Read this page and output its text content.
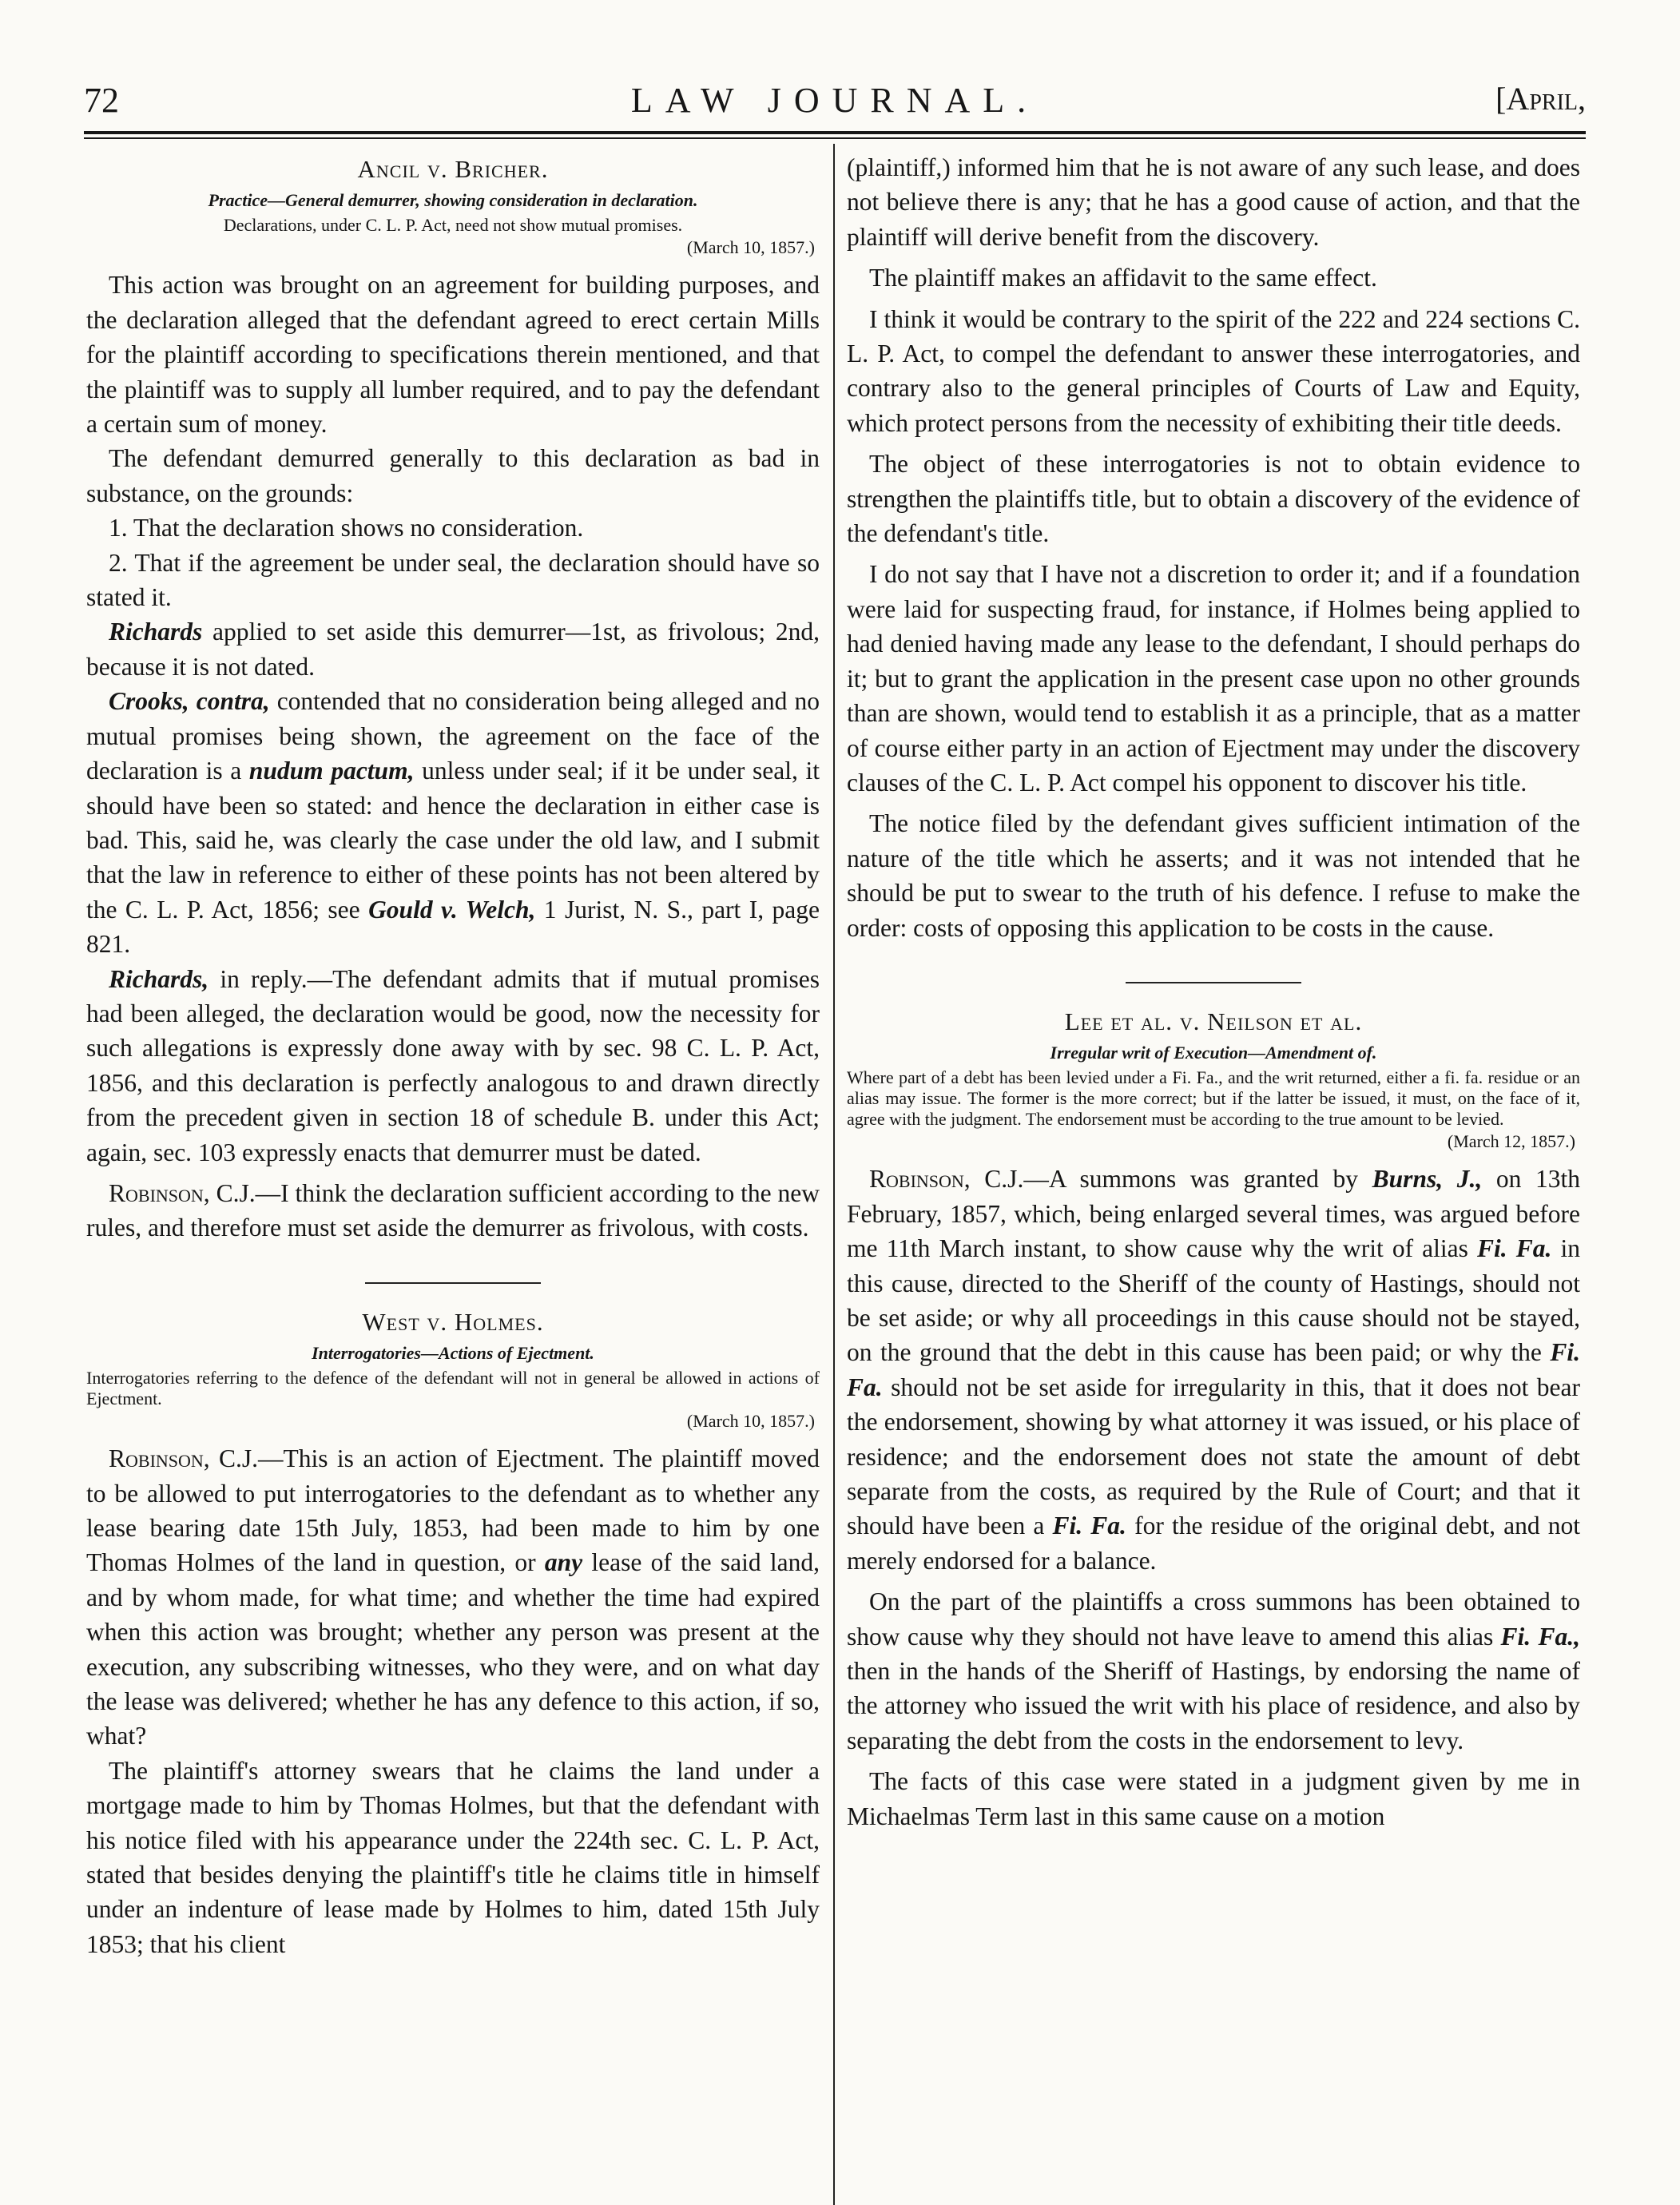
72	LAW JOURNAL.	[April,
Ancil v. Bricher.
Practice—General demurrer, showing consideration in declaration.
Declarations, under C. L. P. Act, need not show mutual promises.
(March 10, 1857.)

This action was brought on an agreement for building purposes, and the declaration alleged that the defendant agreed to erect certain Mills for the plaintiff according to specifications therein mentioned, and that the plaintiff was to supply all lumber required, and to pay the defendant a certain sum of money.

The defendant demurred generally to this declaration as bad in substance, on the grounds:

1. That the declaration shows no consideration.

2. That if the agreement be under seal, the declaration should have so stated it.

Richards applied to set aside this demurrer—1st, as frivolous; 2nd, because it is not dated.

Crooks, contra, contended that no consideration being alleged and no mutual promises being shown, the agreement on the face of the declaration is a nudum pactum, unless under seal; if it be under seal, it should have been so stated: and hence the declaration in either case is bad. This, said he, was clearly the case under the old law, and I submit that the law in reference to either of these points has not been altered by the C. L. P. Act, 1856; see Gould v. Welch, 1 Jurist, N. S., part I, page 821.

Richards, in reply.—The defendant admits that if mutual promises had been alleged, the declaration would be good, now the necessity for such allegations is expressly done away with by sec. 98 C. L. P. Act, 1856, and this declaration is perfectly analogous to and drawn directly from the precedent given in section 18 of schedule B. under this Act; again, sec. 103 expressly enacts that demurrer must be dated.

Robinson, C.J.—I think the declaration sufficient according to the new rules, and therefore must set aside the demurrer as frivolous, with costs.

West v. Holmes.
Interrogatories—Actions of Ejectment.
Interrogatories referring to the defence of the defendant will not in general be allowed in actions of Ejectment.
(March 10, 1857.)

Robinson, C.J.—This is an action of Ejectment. The plaintiff moved to be allowed to put interrogatories to the defendant as to whether any lease bearing date 15th July, 1853, had been made to him by one Thomas Holmes of the land in question, or any lease of the said land, and by whom made, for what time; and whether the time had expired when this action was brought; whether any person was present at the execution, any subscribing witnesses, who they were, and on what day the lease was delivered; whether he has any defence to this action, if so, what?

The plaintiff's attorney swears that he claims the land under a mortgage made to him by Thomas Holmes, but that the defendant with his notice filed with his appearance under the 224th sec. C. L. P. Act, stated that besides denying the plaintiff's title he claims title in himself under an indenture of lease made by Holmes to him, dated 15th July 1853; that his client

(plaintiff,) informed him that he is not aware of any such lease, and does not believe there is any; that he has a good cause of action, and that the plaintiff will derive benefit from the discovery.

The plaintiff makes an affidavit to the same effect.

I think it would be contrary to the spirit of the 222 and 224 sections C. L. P. Act, to compel the defendant to answer these interrogatories, and contrary also to the general principles of Courts of Law and Equity, which protect persons from the necessity of exhibiting their title deeds.

The object of these interrogatories is not to obtain evidence to strengthen the plaintiffs title, but to obtain a discovery of the evidence of the defendant's title.

I do not say that I have not a discretion to order it; and if a foundation were laid for suspecting fraud, for instance, if Holmes being applied to had denied having made any lease to the defendant, I should perhaps do it; but to grant the application in the present case upon no other grounds than are shown, would tend to establish it as a principle, that as a matter of course either party in an action of Ejectment may under the discovery clauses of the C. L. P. Act compel his opponent to discover his title.

The notice filed by the defendant gives sufficient intimation of the nature of the title which he asserts; and it was not intended that he should be put to swear to the truth of his defence. I refuse to make the order: costs of opposing this application to be costs in the cause.

Lee et al. v. Neilson et al.
Irregular writ of Execution—Amendment of.
Where part of a debt has been levied under a Fi. Fa., and the writ returned, either a fi. fa. residue or an alias may issue. The former is the more correct; but if the latter be issued, it must, on the face of it, agree with the judgment. The endorsement must be according to the true amount to be levied.
(March 12, 1857.)

Robinson, C.J.—A summons was granted by Burns, J., on 13th February, 1857, which, being enlarged several times, was argued before me 11th March instant, to show cause why the writ of alias Fi. Fa. in this cause, directed to the Sheriff of the county of Hastings, should not be set aside; or why all proceedings in this cause should not be stayed, on the ground that the debt in this cause has been paid; or why the Fi. Fa. should not be set aside for irregularity in this, that it does not bear the endorsement, showing by what attorney it was issued, or his place of residence; and the endorsement does not state the amount of debt separate from the costs, as required by the Rule of Court; and that it should have been a Fi. Fa. for the residue of the original debt, and not merely endorsed for a balance.

On the part of the plaintiffs a cross summons has been obtained to show cause why they should not have leave to amend this alias Fi. Fa., then in the hands of the Sheriff of Hastings, by endorsing the name of the attorney who issued the writ with his place of residence, and also by separating the debt from the costs in the endorsement to levy.

The facts of this case were stated in a judgment given by me in Michaelmas Term last in this same cause on a motion
